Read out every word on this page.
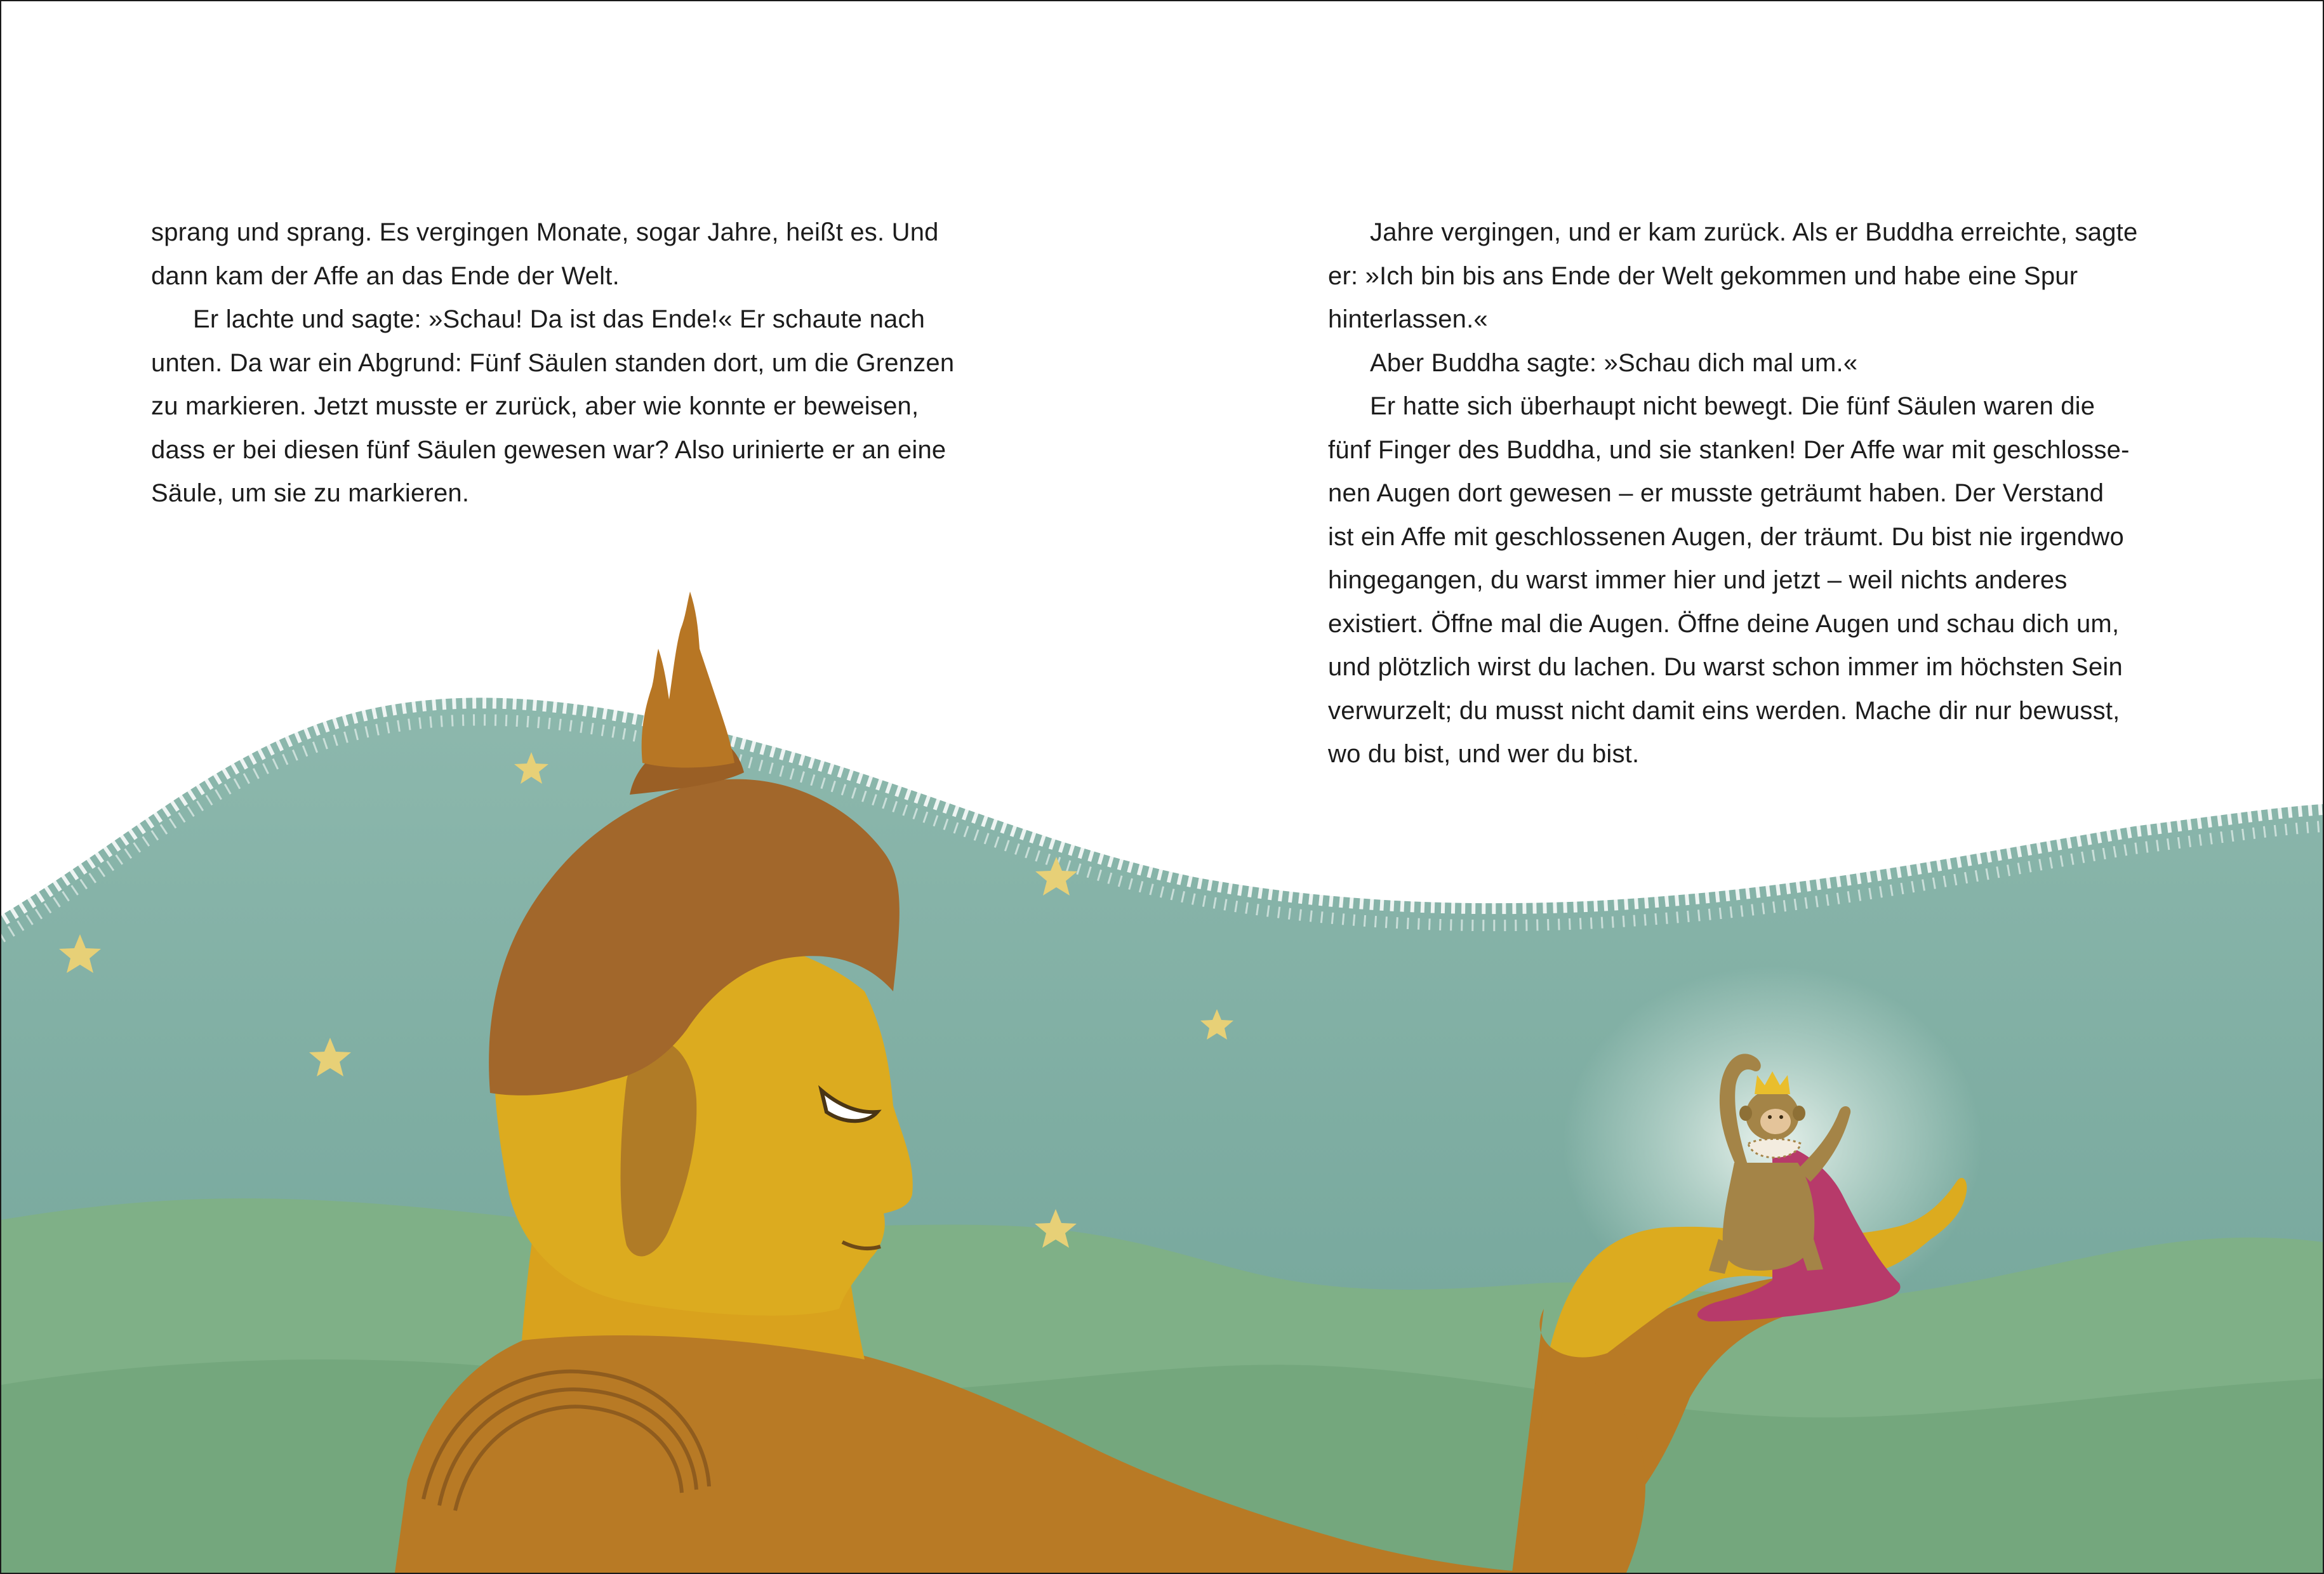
sprang und sprang. Es vergingen Monate, sogar Jahre, heißt es. Und
dann kam der Affe an das Ende der Welt.

Er lachte und sagte: »Schau! Da ist das Ende!« Er schaute nach
unten. Da war ein Abgrund: Fünf Säulen standen dort, um die Grenzen
zu markieren. Jetzt musste er zurück, aber wie konnte er beweisen,
dass er bei diesen fünf Säulen gewesen war? Also urinierte er an eine
Säule, um sie zu markieren.

Jahre vergingen, und er kam zurück. Als er Buddha erreichte, sagte
er: »Ich bin bis ans Ende der Welt gekommen und habe eine Spur
hinterlassen.«

Aber Buddha sagte: »Schau dich mal um.«

Er hatte sich überhaupt nicht bewegt. Die fünf Säulen waren die
fünf Finger des Buddha, und sie stanken! Der Affe war mit geschlosse-
nen Augen dort gewesen – er musste geträumt haben. Der Verstand
ist ein Affe mit geschlossenen Augen, der träumt. Du bist nie irgendwo
hingegangen, du warst immer hier und jetzt – weil nichts anderes
existiert. Öffne mal die Augen. Öffne deine Augen und schau dich um,
und plötzlich wirst du lachen. Du warst schon immer im höchsten Sein
verwurzelt; du musst nicht damit eins werden. Mache dir nur bewusst,
wo du bist, und wer du bist.
